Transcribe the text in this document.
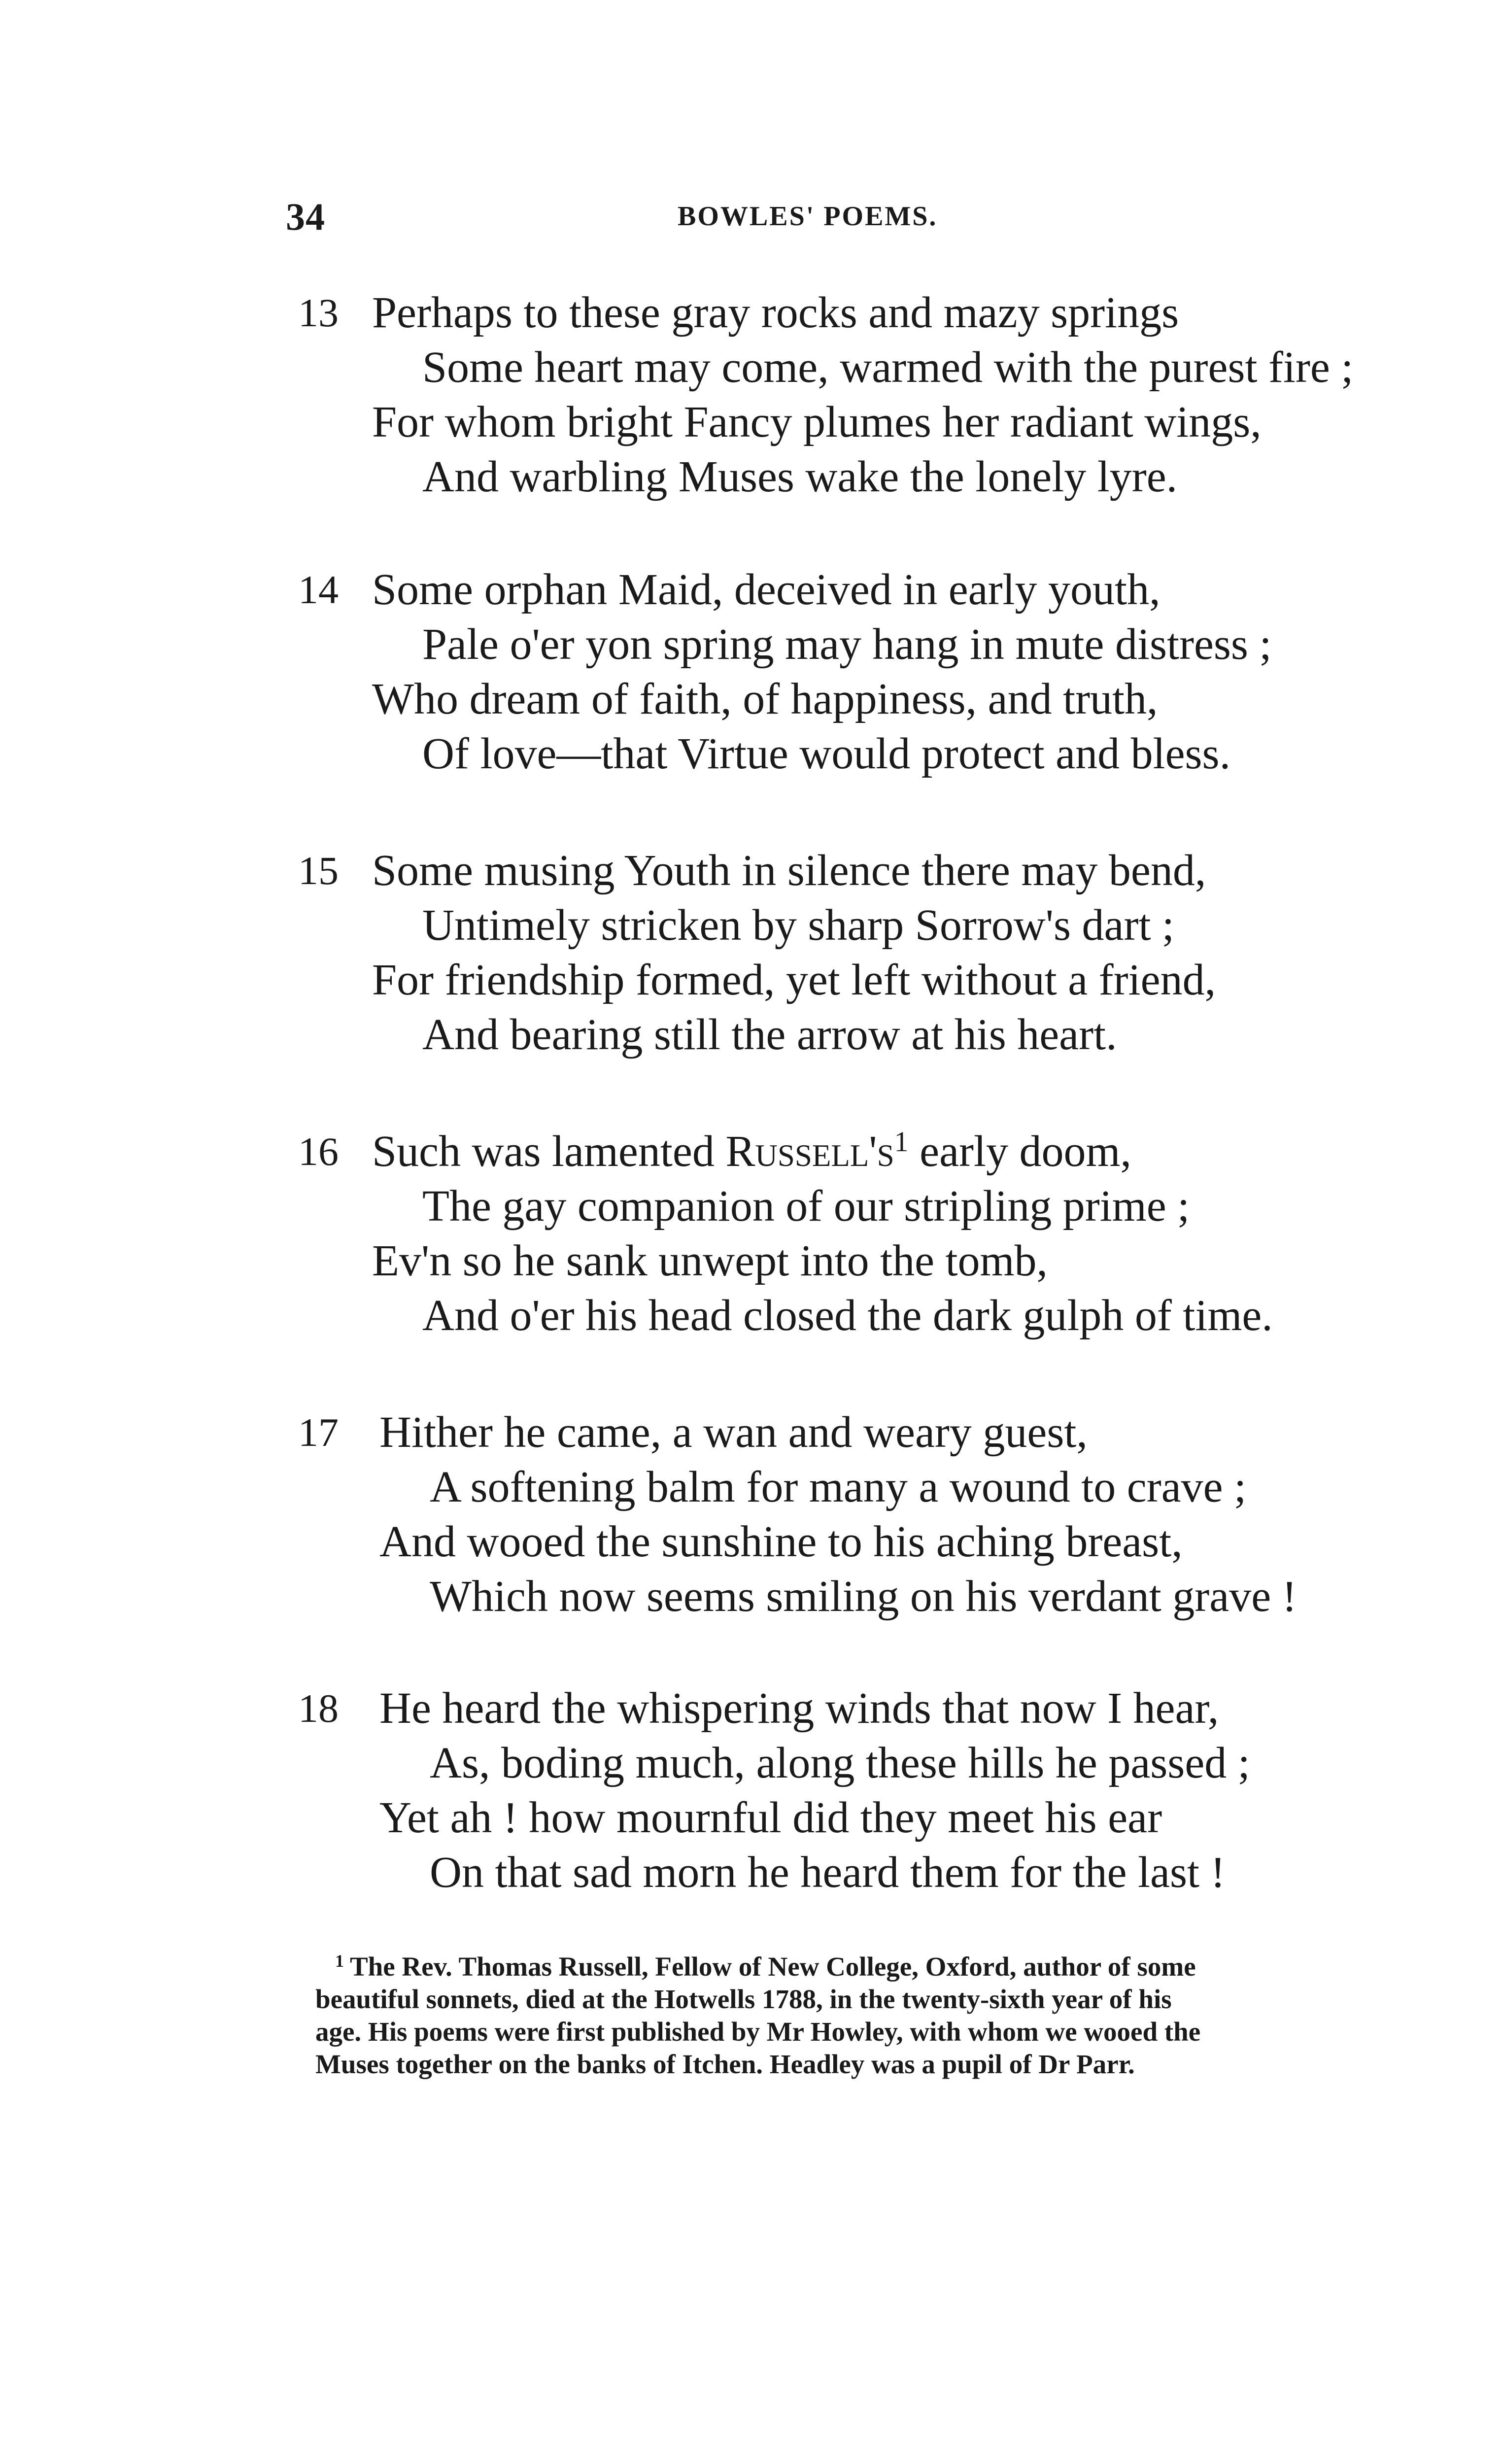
34	BOWLES' POEMS.
13 Perhaps to these gray rocks and mazy springs
Some heart may come, warmed with the purest fire ;
For whom bright Fancy plumes her radiant wings,
And warbling Muses wake the lonely lyre.
14 Some orphan Maid, deceived in early youth,
Pale o'er yon spring may hang in mute distress ;
Who dream of faith, of happiness, and truth,
Of love—that Virtue would protect and bless.
15 Some musing Youth in silence there may bend,
Untimely stricken by sharp Sorrow's dart ;
For friendship formed, yet left without a friend,
And bearing still the arrow at his heart.
16 Such was lamented Russell's$^1$ early doom,
The gay companion of our stripling prime ;
Ev'n so he sank unwept into the tomb,
And o'er his head closed the dark gulph of time.
17 Hither he came, a wan and weary guest,
A softening balm for many a wound to crave ;
And wooed the sunshine to his aching breast,
Which now seems smiling on his verdant grave !
18 He heard the whispering winds that now I hear,
As, boding much, along these hills he passed ;
Yet ah ! how mournful did they meet his ear
On that sad morn he heard them for the last !
$^1$ The Rev. Thomas Russell, Fellow of New College, Oxford, author of some
beautiful sonnets, died at the Hotwells 1788, in the twenty-sixth year of his
age. His poems were first published by Mr Howley, with whom we wooed the
Muses together on the banks of Itchen. Headley was a pupil of Dr Parr.
